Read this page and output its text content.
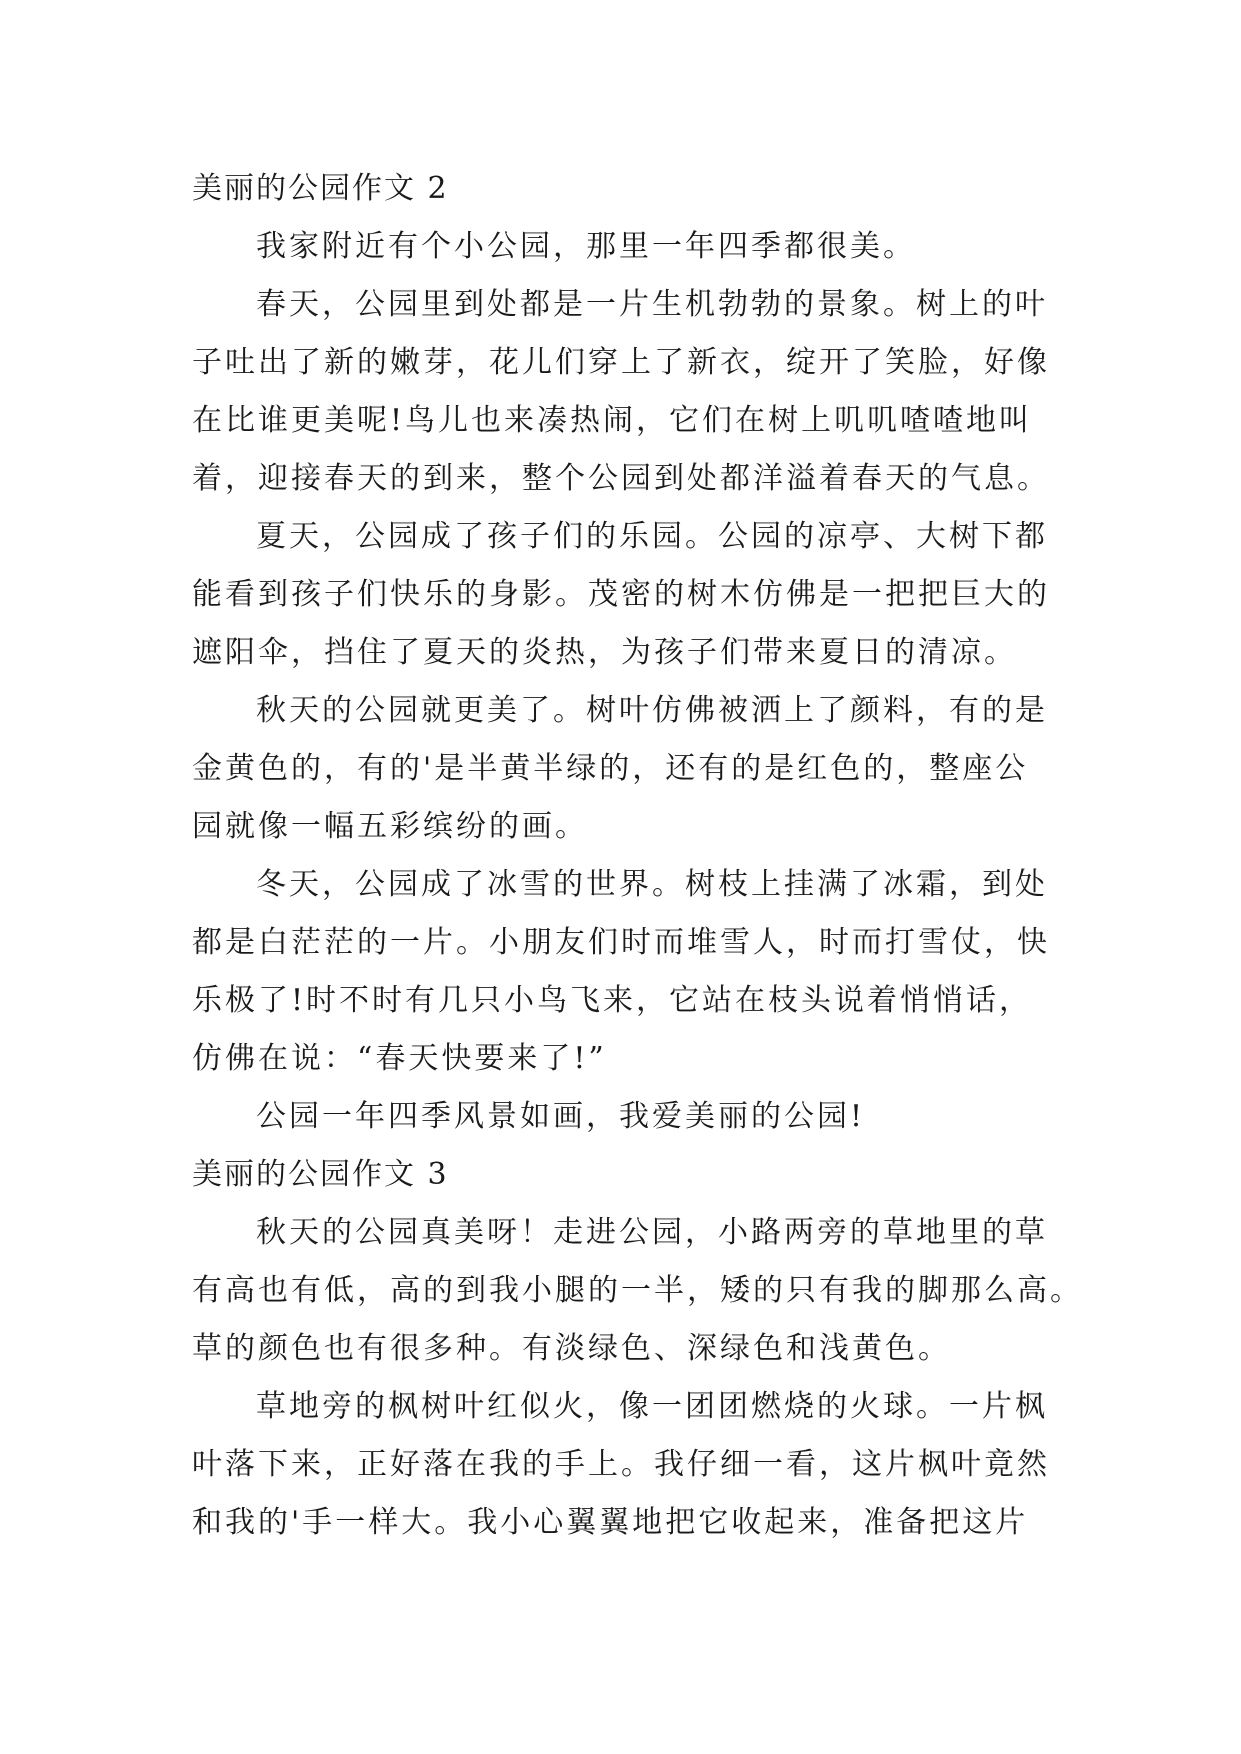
美丽的公园作文 2

我家附近有个小公园，那里一年四季都很美。

春天，公园里到处都是一片生机勃勃的景象。树上的叶

子吐出了新的嫩芽，花儿们穿上了新衣，绽开了笑脸，好像

在比谁更美呢!鸟儿也来凑热闹，它们在树上叽叽喳喳地叫

着，迎接春天的到来，整个公园到处都洋溢着春天的气息。

夏天，公园成了孩子们的乐园。公园的凉亭、大树下都

能看到孩子们快乐的身影。茂密的树木仿佛是一把把巨大的

遮阳伞，挡住了夏天的炎热，为孩子们带来夏日的清凉。

秋天的公园就更美了。树叶仿佛被洒上了颜料，有的是

金黄色的，有的'是半黄半绿的，还有的是红色的，整座公

园就像一幅五彩缤纷的画。

冬天，公园成了冰雪的世界。树枝上挂满了冰霜，到处

都是白茫茫的一片。小朋友们时而堆雪人，时而打雪仗，快

乐极了!时不时有几只小鸟飞来，它站在枝头说着悄悄话，

仿佛在说：“春天快要来了!”

公园一年四季风景如画，我爱美丽的公园!

美丽的公园作文 3

秋天的公园真美呀！走进公园，小路两旁的草地里的草

有高也有低，高的到我小腿的一半，矮的只有我的脚那么高。

草的颜色也有很多种。有淡绿色、深绿色和浅黄色。

草地旁的枫树叶红似火，像一团团燃烧的火球。一片枫

叶落下来，正好落在我的手上。我仔细一看，这片枫叶竟然

和我的'手一样大。我小心翼翼地把它收起来，准备把这片
